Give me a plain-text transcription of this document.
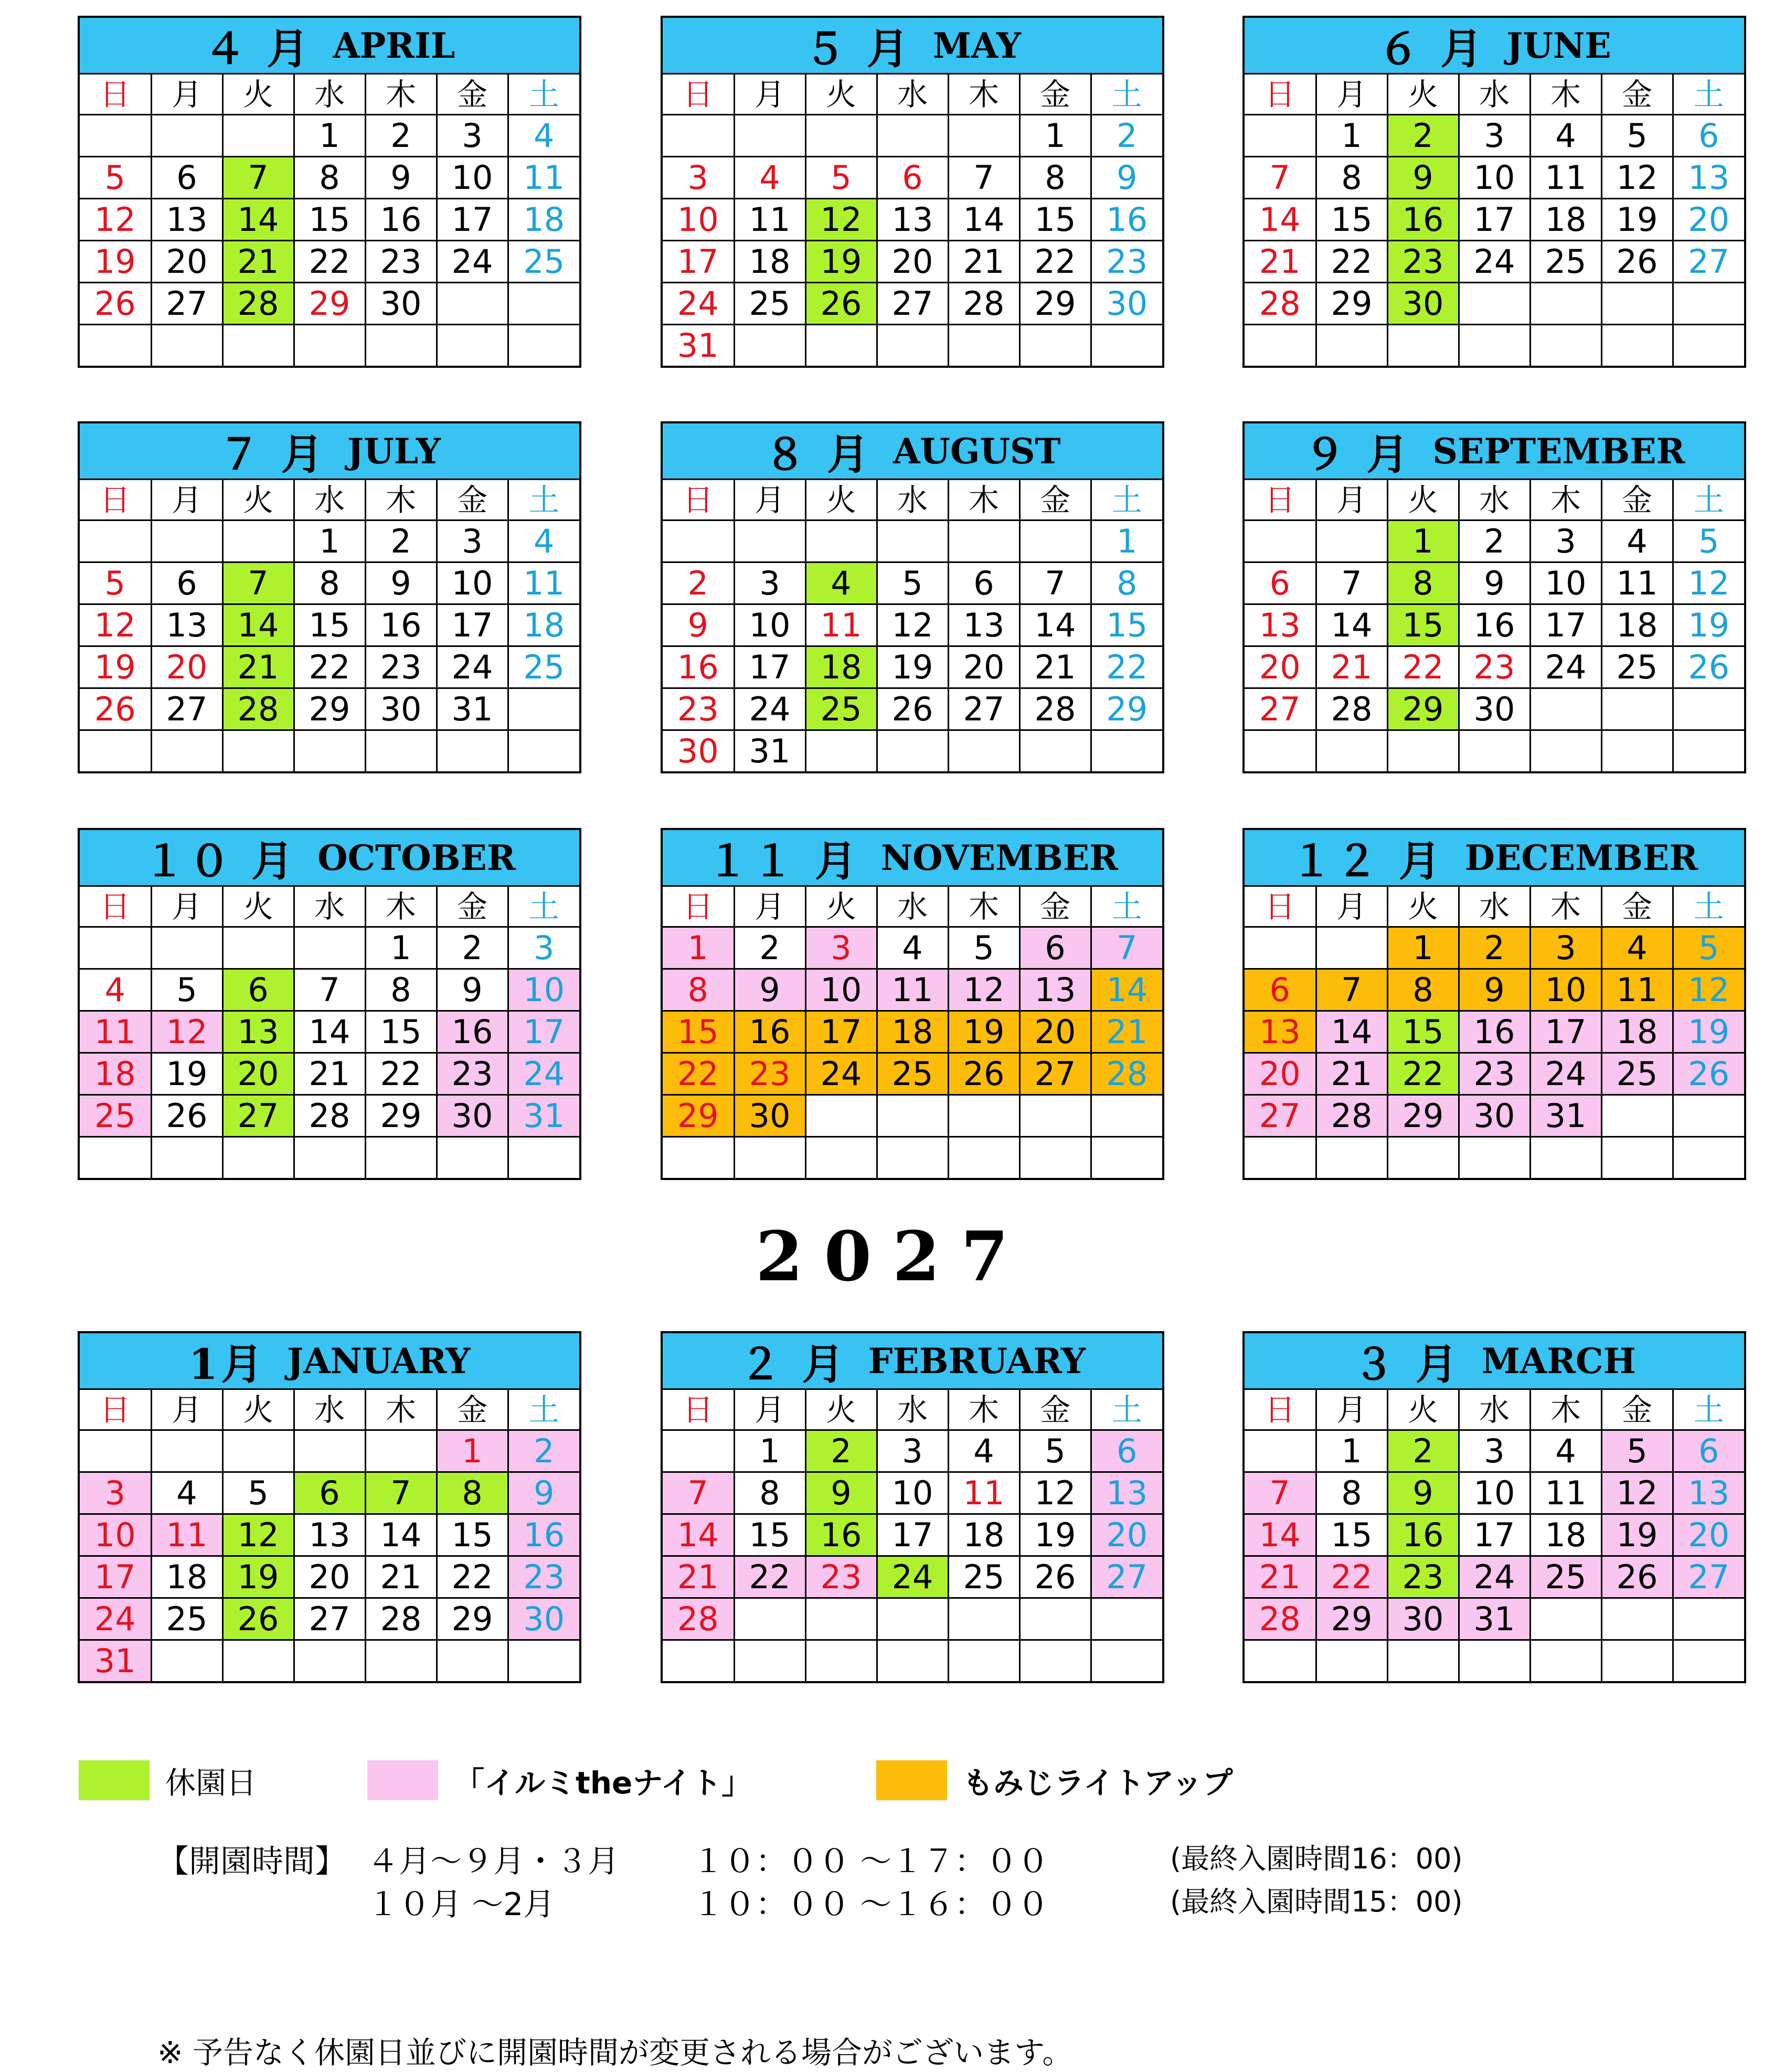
４ 月 APRIL
日	月	火	水	木	金	土
			1	2	3	4
5	6	7	8	9	10	11
12	13	14	15	16	17	18
19	20	21	22	23	24	25
26	27	28	29	30		

５ 月 MAY
日	月	火	水	木	金	土
					1	2
3	4	5	6	7	8	9
10	11	12	13	14	15	16
17	18	19	20	21	22	23
24	25	26	27	28	29	30
31						
６ 月 JUNE
日	月	火	水	木	金	土
	1	2	3	4	5	6
7	8	9	10	11	12	13
14	15	16	17	18	19	20
21	22	23	24	25	26	27
28	29	30				

７ 月 JULY
日	月	火	水	木	金	土
			1	2	3	4
5	6	7	8	9	10	11
12	13	14	15	16	17	18
19	20	21	22	23	24	25
26	27	28	29	30	31	

８ 月 AUGUST
日	月	火	水	木	金	土
						1
2	3	4	5	6	7	8
9	10	11	12	13	14	15
16	17	18	19	20	21	22
23	24	25	26	27	28	29
30	31					
９ 月 SEPTEMBER
日	月	火	水	木	金	土
		1	2	3	4	5
6	7	8	9	10	11	12
13	14	15	16	17	18	19
20	21	22	23	24	25	26
27	28	29	30			

１０ 月 OCTOBER
日	月	火	水	木	金	土
				1	2	3
4	5	6	7	8	9	10
11	12	13	14	15	16	17
18	19	20	21	22	23	24
25	26	27	28	29	30	31

１１ 月 NOVEMBER
日	月	火	水	木	金	土
1	2	3	4	5	6	7
8	9	10	11	12	13	14
15	16	17	18	19	20	21
22	23	24	25	26	27	28
29	30					

１２ 月 DECEMBER
日	月	火	水	木	金	土
		1	2	3	4	5
6	7	8	9	10	11	12
13	14	15	16	17	18	19
20	21	22	23	24	25	26
27	28	29	30	31		

1月 JANUARY
日	月	火	水	木	金	土
					1	2
3	4	5	6	7	8	9
10	11	12	13	14	15	16
17	18	19	20	21	22	23
24	25	26	27	28	29	30
31						
２ 月 FEBRUARY
日	月	火	水	木	金	土
	1	2	3	4	5	6
7	8	9	10	11	12	13
14	15	16	17	18	19	20
21	22	23	24	25	26	27
28						

３ 月 MARCH
日	月	火	水	木	金	土
	1	2	3	4	5	6
7	8	9	10	11	12	13
14	15	16	17	18	19	20
21	22	23	24	25	26	27
28	29	30	31			

2027
休園日	「イルミtheナイト」	もみじライトアップ
【開園時間】 ４月～９月・３月 １０：００ ～１７：００	(最終入園時間16：00)
１０月 ～2月	１０：００ ～１６：００	(最終入園時間15：00)
※ 予告なく休園日並びに開園時間が変更される場合がございます。
